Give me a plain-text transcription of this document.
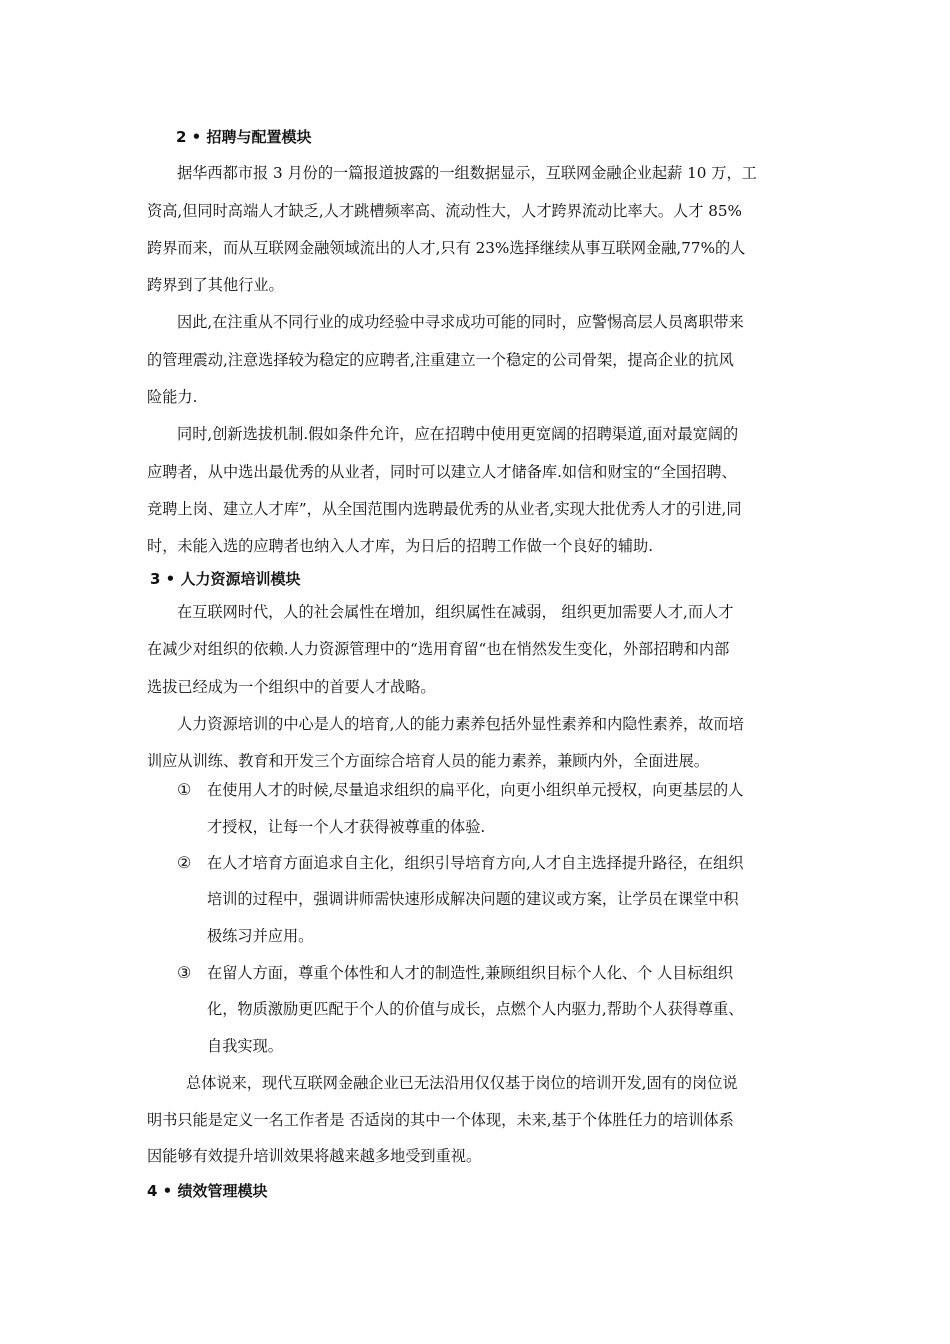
2 • 招聘与配置模块
据华西都市报 3 月份的一篇报道披露的一组数据显示，互联网金融企业起薪 10 万，工
资高,但同时高端人才缺乏,人才跳槽频率高、流动性大，人才跨界流动比率大。人才 85%
跨界而来，而从互联网金融领域流出的人才,只有 23%选择继续从事互联网金融,77%的人
跨界到了其他行业。
因此,在注重从不同行业的成功经验中寻求成功可能的同时，应警惕高层人员离职带来
的管理震动,注意选择较为稳定的应聘者,注重建立一个稳定的公司骨架，提高企业的抗风
险能力.
同时,创新选拔机制.假如条件允许，应在招聘中使用更宽阔的招聘渠道,面对最宽阔的
应聘者，从中选出最优秀的从业者，同时可以建立人才储备库.如信和财宝的“全国招聘、
竞聘上岗、建立人才库”，从全国范围内选聘最优秀的从业者,实现大批优秀人才的引进,同
时，未能入选的应聘者也纳入人才库，为日后的招聘工作做一个良好的辅助.
3 • 人力资源培训模块
在互联网时代，人的社会属性在增加，组织属性在减弱， 组织更加需要人才,而人才
在减少对组织的依赖.人力资源管理中的“选用育留“也在悄然发生变化，外部招聘和内部
选拔已经成为一个组织中的首要人才战略。
人力资源培训的中心是人的培育,人的能力素养包括外显性素养和内隐性素养，故而培
训应从训练、教育和开发三个方面综合培育人员的能力素养，兼顾内外，全面进展。
① 在使用人才的时候,尽量追求组织的扁平化，向更小组织单元授权，向更基层的人
才授权，让每一个人才获得被尊重的体验.
② 在人才培育方面追求自主化，组织引导培育方向,人才自主选择提升路径，在组织
培训的过程中，强调讲师需快速形成解决问题的建议或方案，让学员在课堂中积
极练习并应用。
③ 在留人方面，尊重个体性和人才的制造性,兼顾组织目标个人化、个 人目标组织
化，物质激励更匹配于个人的价值与成长，点燃个人内驱力,帮助个人获得尊重、
自我实现。
总体说来，现代互联网金融企业已无法沿用仅仅基于岗位的培训开发,固有的岗位说
明书只能是定义一名工作者是 否适岗的其中一个体现，未来,基于个体胜任力的培训体系
因能够有效提升培训效果将越来越多地受到重视。
4 • 绩效管理模块
